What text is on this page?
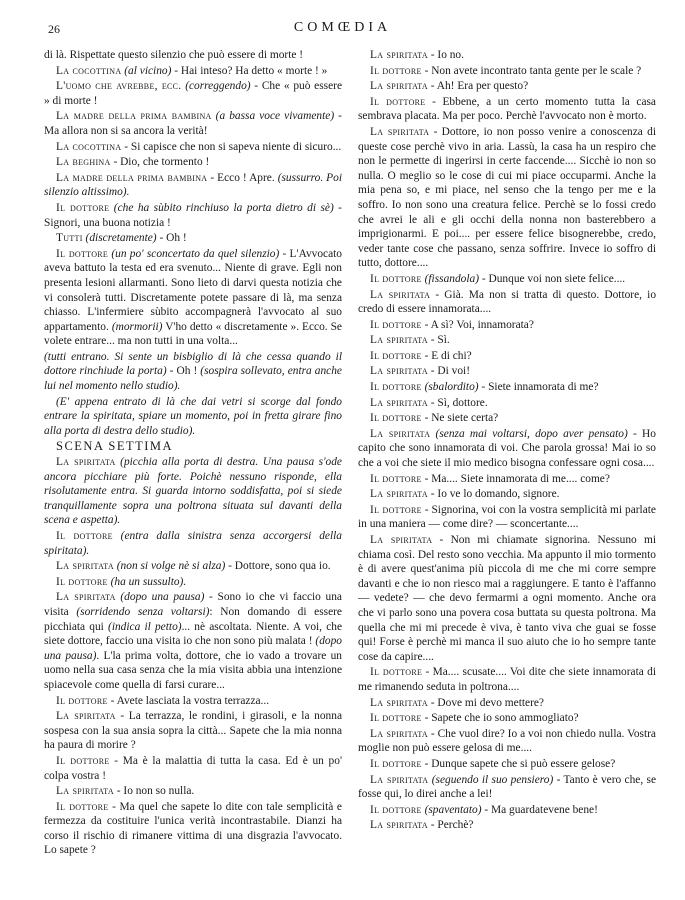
26	COMŒDIA

di là. Rispettate questo silenzio che può essere di morte !

La cocottina (al vicino) - Hai inteso? Ha detto « morte ! »

L'uomo che avrebbe, ecc. (correggendo) - Che « può essere » di morte !

La madre della prima bambina (a bassa voce vivamente) - Ma allora non si sa ancora la verità!

La cocottina - Si capisce che non si sapeva niente di sicuro...

La beghina - Dio, che tormento !

La madre della prima bambina - Ecco ! Apre. (sussurro. Poi silenzio altissimo).

Il dottore (che ha sùbito rinchiuso la porta dietro di sè) - Signori, una buona notizia !

Tutti (discretamente) - Oh !

Il dottore (un po' sconcertato da quel silenzio) - L'Avvocato aveva battuto la testa ed era svenuto... Niente di grave. Egli non presenta lesioni allarmanti. Sono lieto di darvi questa notizia che vi consolerà tutti. Discretamente potete passare di là, ma senza chiasso. L'infermiere sùbito accompagnerà l'avvocato al suo appartamento. (mormorii) V'ho detto « discretamente ». Ecco. Se volete entrare... ma non tutti in una volta...

(tutti entrano. Si sente un bisbiglio di là che cessa quando il dottore rinchiude la porta) - Oh ! (sospira sollevato, entra anche lui nel momento nello studio).

(E' appena entrato di là che dai vetri si scorge dal fondo entrare la spiritata, spiare un momento, poi in fretta girare fino alla porta di destra dello studio).

SCENA SETTIMA

La spiritata (picchia alla porta di destra. Una pausa s'ode ancora picchiare più forte. Poichè nessuno risponde, ella risolutamente entra. Si guarda intorno soddisfatta, poi si siede tranquillamente sopra una poltrona situata sul davanti della scena e aspetta).

Il dottore (entra dalla sinistra senza accorgersi della spiritata).

La spiritata (non si volge nè si alza) - Dottore, sono qua io.

Il dottore (ha un sussulto).

La spiritata (dopo una pausa) - Sono io che vi faccio una visita (sorridendo senza voltarsi): Non domando di essere picchiata qui (indica il petto)... nè ascoltata. Niente. A voi, che siete dottore, faccio una visita io che non sono più malata ! (dopo una pausa). L'la prima volta, dottore, che io vado a trovare un uomo nella sua casa senza che la mia visita abbia una intenzione spiacevole come quella di farsi curare...

Il dottore - Avete lasciata la vostra terrazza...

La spiritata - La terrazza, le rondini, i girasoli, e la nonna sospesa con la sua ansia sopra la città... Sapete che la mia nonna ha paura di morire ?

Il dottore - Ma è la malattia di tutta la casa. Ed è un po' colpa vostra !

La spiritata - Io non so nulla.

Il dottore - Ma quel che sapete lo dite con tale semplicità e fermezza da costituire l'unica verità incontrastabile. Dianzi ha corso il rischio di rimanere vittima di una disgrazia l'avvocato. Lo sapete ?

La spiritata - Io no.

Il dottore - Non avete incontrato tanta gente per le scale ?

La spiritata - Ah! Era per questo?

Il dottore - Ebbene, a un certo momento tutta la casa sembrava placata. Ma per poco. Perchè l'avvocato non è morto.

La spiritata - Dottore, io non posso venire a conoscenza di queste cose perchè vivo in aria. Lassù, la casa ha un respiro che non le permette di ingerirsi in certe faccende.... Sicchè io non so nulla. O meglio so le cose di cui mi piace occuparmi. Anche la mia pena so, e mi piace, nel senso che la tengo per me e la soffro. Io non sono una creatura felice. Perchè se lo fossi credo che avrei le ali e gli occhi della nonna non basterebbero a imprigionarmi. E poi.... per essere felice bisognerebbe, credo, veder tante cose che passano, senza soffrire. Invece io soffro di tutto, dottore....

Il dottore (fissandola) - Dunque voi non siete felice....

La spiritata - Già. Ma non si tratta di questo. Dottore, io credo di essere innamorata....

Il dottore - A sì? Voi, innamorata?

La spiritata - Sì.

Il dottore - E di chi?

La spiritata - Di voi!

Il dottore (sbalordito) - Siete innamorata di me?

La spiritata - Sì, dottore.

Il dottore - Ne siete certa?

La spiritata (senza mai voltarsi, dopo aver pensato) - Ho capito che sono innamorata di voi. Che parola grossa! Mai io so che a voi che siete il mio medico bisogna confessare ogni cosa....

Il dottore - Ma.... Siete innamorata di me.... come?

La spiritata - Io ve lo domando, signore.

Il dottore - Signorina, voi con la vostra semplicità mi parlate in una maniera — come dire? — sconcertante....

La spiritata - Non mi chiamate signorina. Nessuno mi chiama così. Del resto sono vecchia. Ma appunto il mio tormento è di avere quest'anima più piccola di me che mi corre sempre davanti e che io non riesco mai a raggiungere. E tanto è l'affanno — vedete? — che devo fermarmi a ogni momento. Anche ora che vi parlo sono una povera cosa buttata su questa poltrona. Ma quella che mi mi precede è viva, è tanto viva che guai se fosse qui! Forse è perchè mi manca il suo aiuto che io ho sempre tante cose da capire....

Il dottore - Ma.... scusate.... Voi dite che siete innamorata di me rimanendo seduta in poltrona....

La spiritata - Dove mi devo mettere?

Il dottore - Sapete che io sono ammogliato?

La spiritata - Che vuol dire? Io a voi non chiedo nulla. Vostra moglie non può essere gelosa di me....

Il dottore - Dunque sapete che si può essere gelose?

La spiritata (seguendo il suo pensiero) - Tanto è vero che, se fosse qui, lo direi anche a lei!

Il dottore (spaventato) - Ma guardatevene bene!

La spiritata - Perchè?
